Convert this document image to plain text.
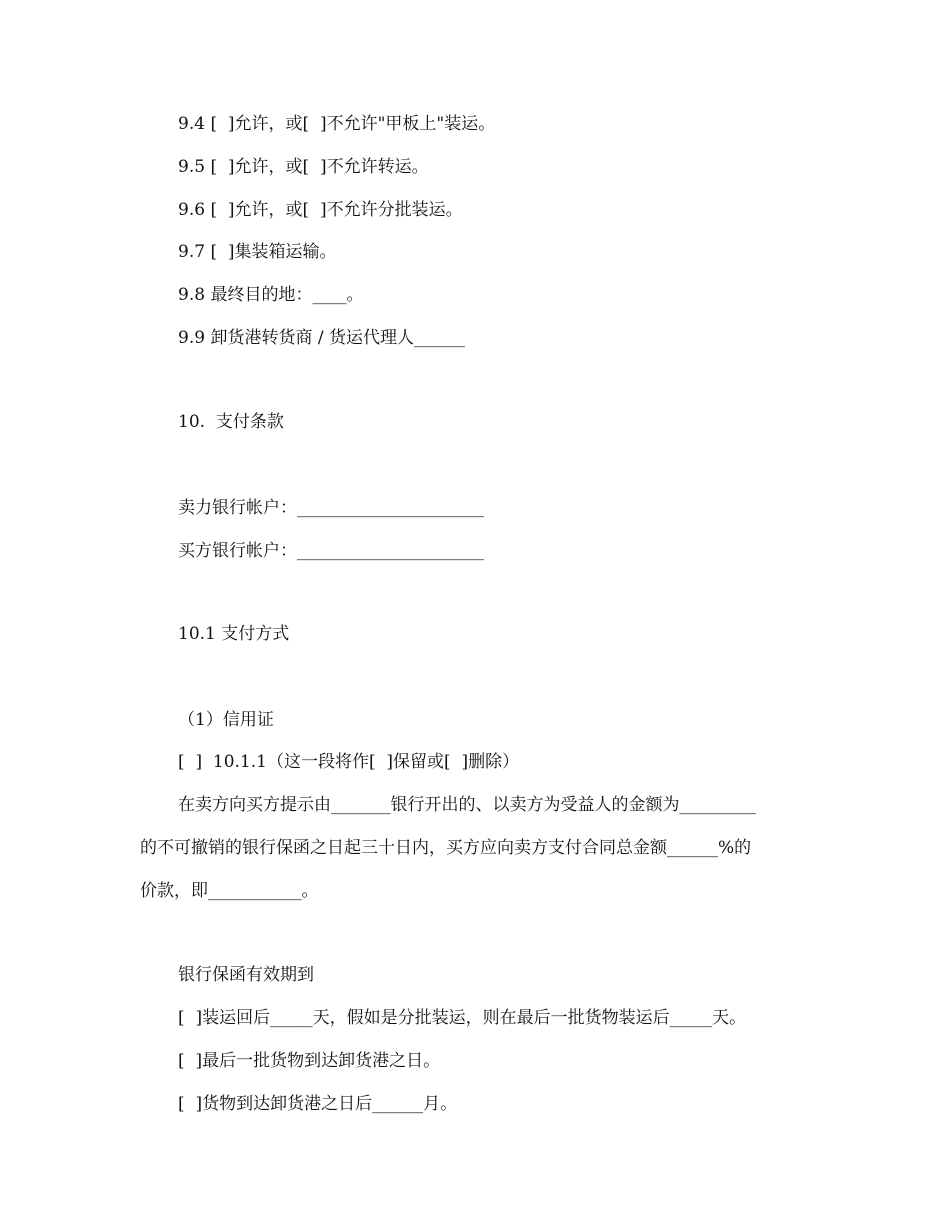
9.4 [  ]允许，或[  ]不允许"甲板上"装运。
9.5 [  ]允许，或[  ]不允许转运。
9.6 [  ]允许，或[  ]不允许分批装运。
9.7 [  ]集装箱运输。
9.8 最终目的地：____。
9.9 卸货港转货商 / 货运代理人______
10.  支付条款
卖力银行帐户：______________________
买方银行帐户：______________________
10.1 支付方式
（1）信用证
[  ]  10.1.1（这一段将作[  ]保留或[  ]删除）
在卖方向买方提示由_______银行开出的、以卖方为受益人的金额为_________
的不可撤销的银行保函之日起三十日内，买方应向卖方支付合同总金额______%的
价款，即___________。
银行保函有效期到
[  ]装运回后_____天，假如是分批装运，则在最后一批货物装运后_____天。
[  ]最后一批货物到达卸货港之日。
[  ]货物到达卸货港之日后______月。
